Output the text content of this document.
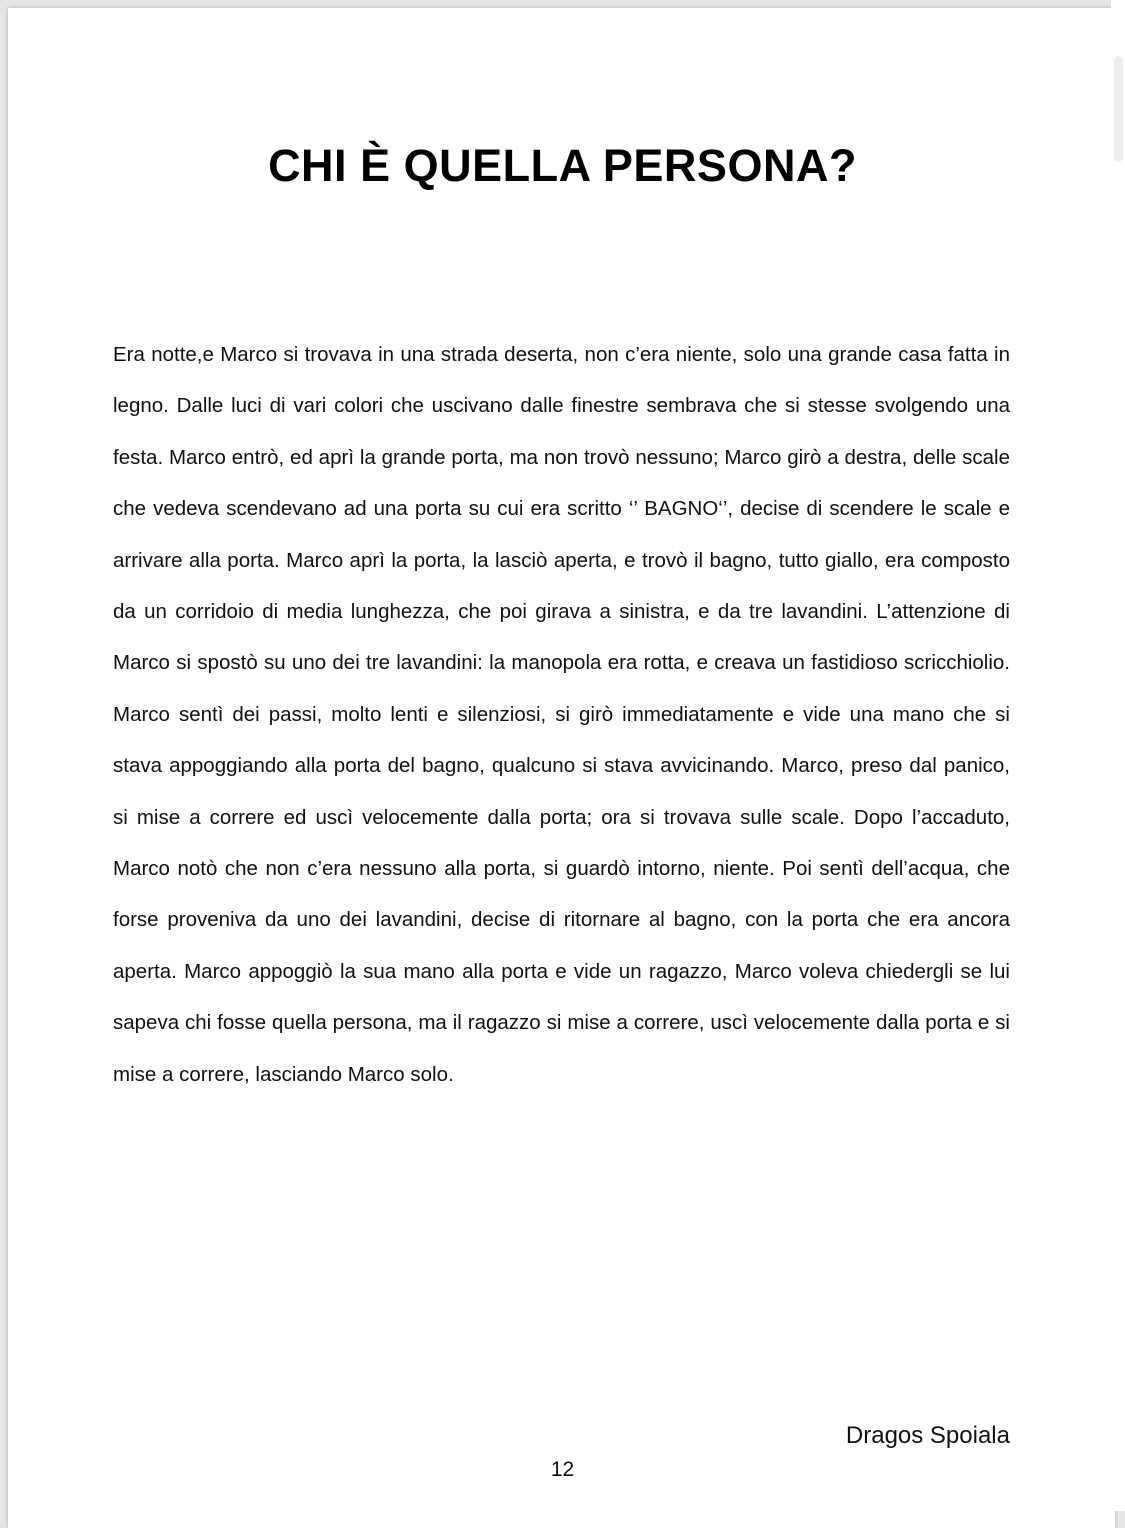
CHI È QUELLA PERSONA?

Era notte,e Marco si trovava in una strada deserta, non c’era niente, solo una grande casa fatta in legno. Dalle luci di vari colori che uscivano dalle finestre sembrava che si stesse svolgendo una festa. Marco entrò, ed aprì la grande porta, ma non trovò nessuno; Marco girò a destra, delle scale che vedeva scendevano ad una porta su cui era scritto ‘’ BAGNO‘’, decise di scendere le scale e arrivare alla porta. Marco aprì la porta, la lasciò aperta, e trovò il bagno, tutto giallo, era composto da un corridoio di media lunghezza, che poi girava a sinistra, e da tre lavandini. L’attenzione di Marco si spostò su uno dei tre lavandini: la manopola era rotta, e creava un fastidioso scricchiolio. Marco sentì dei passi, molto lenti e silenziosi, si girò immediatamente e vide una mano che si stava appoggiando alla porta del bagno, qualcuno si stava avvicinando. Marco, preso dal panico, si mise a correre ed uscì velocemente dalla porta; ora si trovava sulle scale. Dopo l’accaduto, Marco notò che non c’era nessuno alla porta, si guardò intorno, niente. Poi sentì dell’acqua, che forse proveniva da uno dei lavandini, decise di ritornare al bagno, con la porta che era ancora aperta. Marco appoggiò la sua mano alla porta e vide un ragazzo, Marco voleva chiedergli se lui sapeva chi fosse quella persona, ma il ragazzo si mise a correre, uscì velocemente dalla porta e si mise a correre, lasciando Marco solo.

Dragos Spoiala
12
